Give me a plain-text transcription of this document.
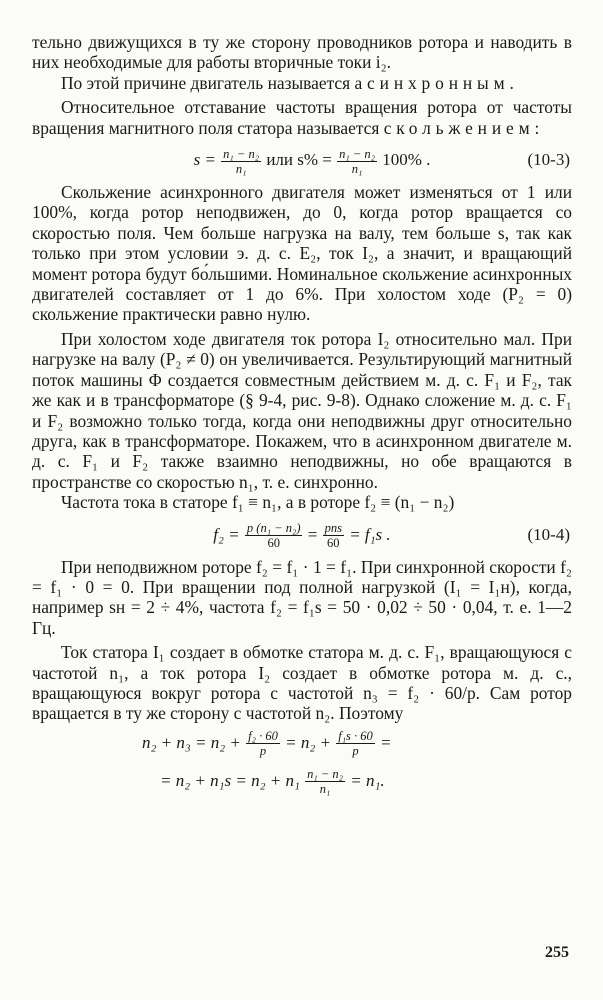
тельно движущихся в ту же сторону проводников ротора и наводить в них необходимые для работы вторичные токи i₂.

По этой причине двигатель называется асинхронным.

Относительное отставание частоты вращения ротора от частоты вращения магнитного поля статора называется скольжением:

$s = \frac{\text{n₁ − n₂}}{\text{n₁}}$ или $s\% = \frac{\text{n₁ − n₂}}{\text{n₁}} 100\%$ .	(10-3)

Скольжение асинхронного двигателя может изменяться от 1 или 100%, когда ротор неподвижен, до 0, когда ротор вращается со скоростью поля. Чем больше нагрузка на валу, тем больше s, так как только при этом условии э. д. с. E₂, ток I₂, а значит, и вращающий момент ротора будут бо́льшими. Номинальное скольжение асинхронных двигателей составляет от 1 до 6%. При холостом ходе (P₂ = 0) скольжение практически равно нулю.

При холостом ходе двигателя ток ротора I₂ относительно мал. При нагрузке на валу (P₂ ≠ 0) он увеличивается. Результирующий магнитный поток машины Φ создается совместным действием м. д. с. F₁ и F₂, так же как и в трансформаторе (§ 9-4, рис. 9-8). Однако сложение м. д. с. F₁ и F₂ возможно только тогда, когда они неподвижны друг относительно друга, как в трансформаторе. Покажем, что в асинхронном двигателе м. д. с. F₁ и F₂ также взаимно неподвижны, но обе вращаются в пространстве со скоростью n₁, т. е. синхронно.

Частота тока в статоре f₁ ≡ n₁, а в роторе f₂ ≡ (n₁ − n₂)

$f_2 = \frac{\text{p (n₁ − n₂)}}{60} = \frac{\text{pns}}{60} = f_1s$ .	(10-4)

При неподвижном роторе f₂ = f₁ · 1 = f₁. При синхронной скорости f₂ = f₁ · 0 = 0. При вращении под полной нагрузкой (I₁ = I₁н), когда, например sн = 2 ÷ 4%, частота f₂ = f₁s = 50 · 0,02 ÷ 50 · 0,04, т. е. 1—2 Гц.

Ток статора I₁ создает в обмотке статора м. д. с. F₁, вращающуюся с частотой n₁, а ток ротора I₂ создает в обмотке ротора м. д. с., вращающуюся вокруг ротора с частотой n₃ = f₂ · 60/p. Сам ротор вращается в ту же сторону с частотой n₂. Поэтому

$n_2 + n_3 = n_2 + \frac{\text{f₂ · 60}}{p} = n_2 + \frac{\text{f₁s · 60}}{p}$ =
= $n_2 + n_1s = n_2 + n_1 \frac{\text{n₁ − n₂}}{\text{n₁}} = n_1$.
255
